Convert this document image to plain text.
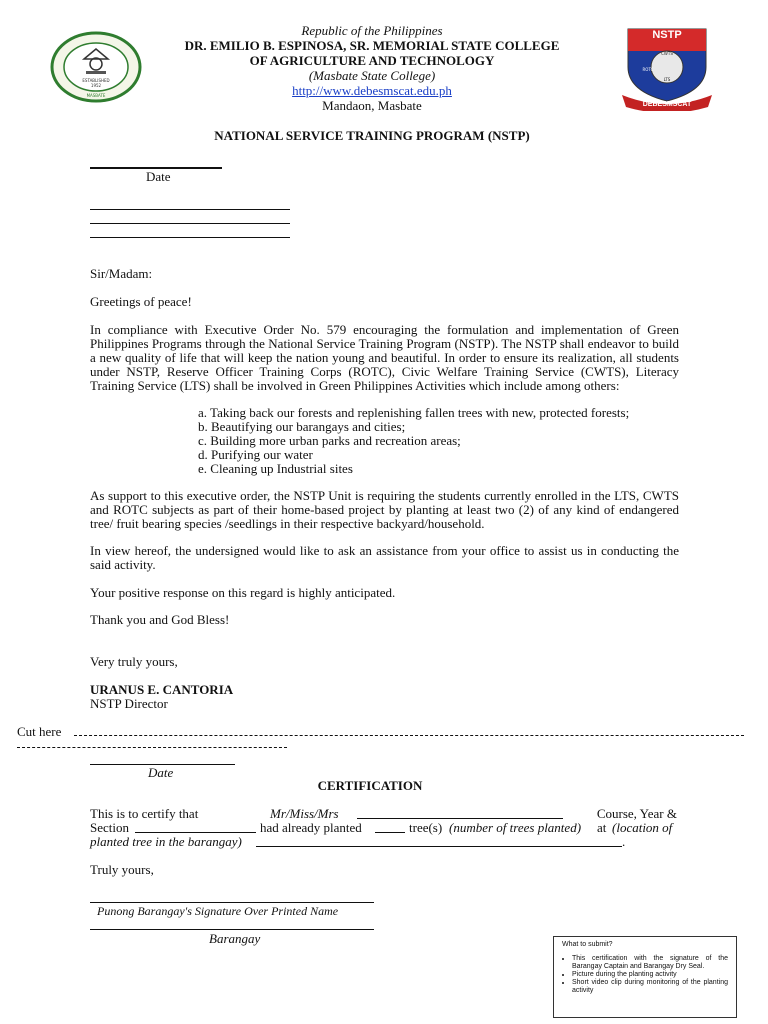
ESTABLISHED
1952
MASBATE
NSTP
CWTS
ROTC
LTS
DEBESMSCAT
Republic of the Philippines
DR. EMILIO B. ESPINOSA, SR. MEMORIAL STATE COLLEGE
OF AGRICULTURE AND TECHNOLOGY
(Masbate State College)
http://www.debesmscat.edu.ph
Mandaon, Masbate
NATIONAL SERVICE TRAINING PROGRAM (NSTP)
Date
Sir/Madam:
Greetings of peace!
In compliance with Executive Order No. 579 encouraging the formulation and implementation of Green Philippines Programs through the National Service Training Program (NSTP). The NSTP shall endeavor to build a new quality of life that will keep the nation young and beautiful. In order to ensure its realization, all students under NSTP, Reserve Officer Training Corps (ROTC), Civic Welfare Training Service (CWTS), Literacy Training Service (LTS) shall be involved in Green Philippines Activities which include among others:
a. Taking back our forests and replenishing fallen trees with new, protected forests;
b. Beautifying our barangays and cities;
c. Building more urban parks and recreation areas;
d. Purifying our water
e. Cleaning up Industrial sites
As support to this executive order, the NSTP Unit is requiring the students currently enrolled in the LTS, CWTS and ROTC subjects as part of their home-based project by planting at least two (2) of any kind of endangered tree/ fruit bearing species /seedlings in their respective backyard/household.
In view hereof, the undersigned would like to ask an assistance from your office to assist us in conducting the said activity.
Your positive response on this regard is highly anticipated.
Thank you and God Bless!
Very truly yours,
URANUS E. CANTORIA
NSTP Director
Cut here
Date
CERTIFICATION
This is to certify that	Mr/Miss/Mrs	Course, Year &
Section	had already planted	tree(s) (number of trees planted) at (location of
planted tree in the barangay)	.
Truly yours,
Punong Barangay's Signature Over Printed Name
Barangay	What to submit?
• This certification with the signature of the Barangay Captain and Barangay Dry Seal.
• Picture during the planting activity
• Short video clip during monitoring of the planting activity
